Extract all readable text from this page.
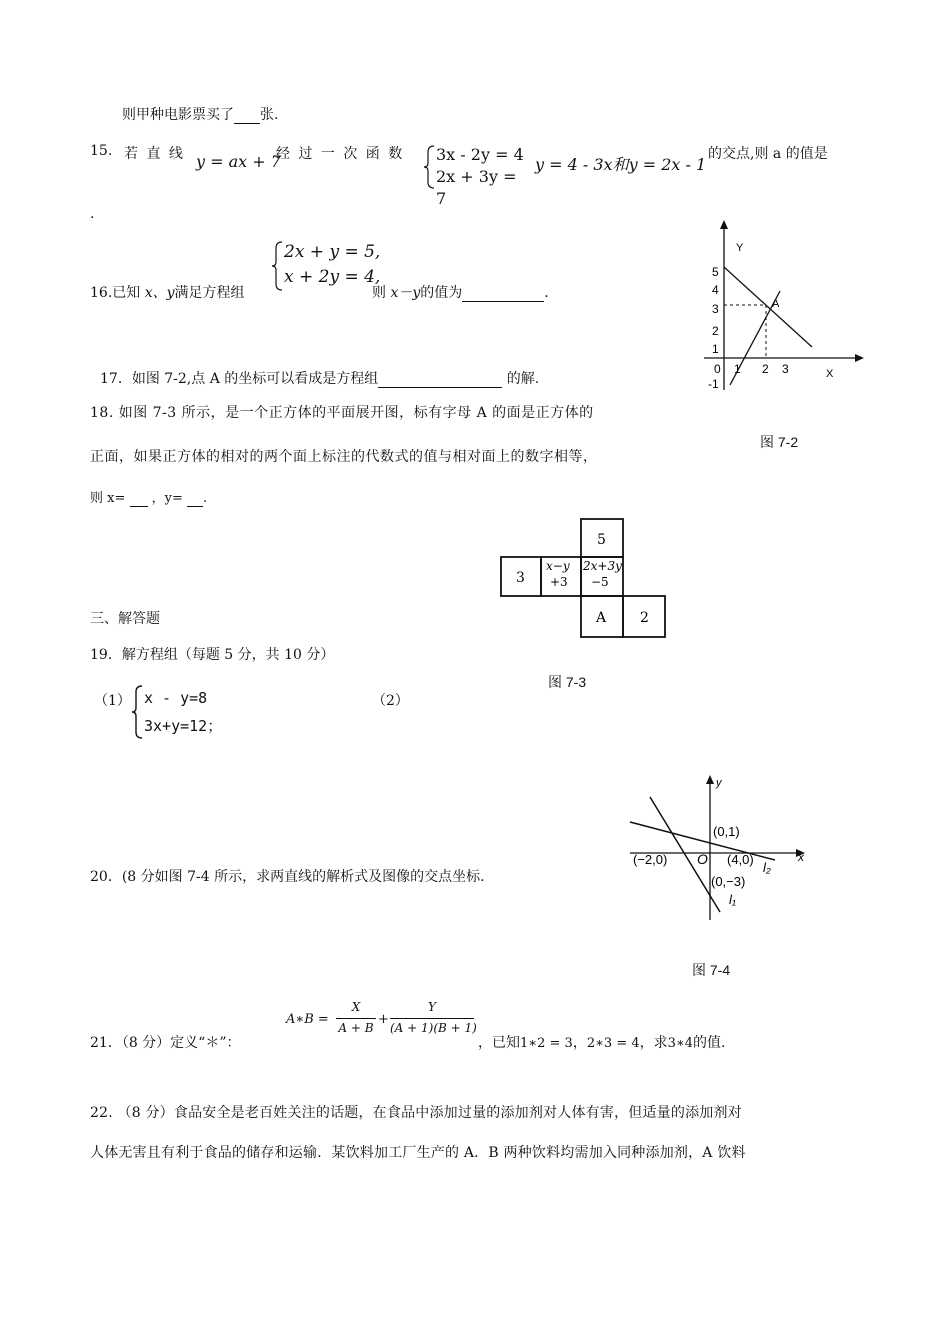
则甲种电影票买了 张.
15. 若 直 线 y = ax + 7
经 过 一 次 函 数 3x - 2y = 4
2x + 3y = 7
y = 4 - 3x和y = 2x - 1
的交点,则 a 的值是
.
2x + y = 5,
x + 2y = 4,
16.已知 x、y满足方程组	则 x－y的值为	.
Y
X
5
4
3
2
1
0
-1
1 2 3
A
图 7-2
17．如图 7-2,点 A 的坐标可以看成是方程组	的解.
18. 如图 7-3 所示，是一个正方体的平面展开图，标有字母 A 的面是正方体的
正面，如果正方体的相对的两个面上标注的代数式的值与相对面上的数字相等，
则 x= ，y= .
5
3
x−y
+3
2x+3y
−5
A 2
图 7-3
三、解答题
19．解方程组（每题 5 分，共 10 分）
（1） x - y=8
3x+y=12；
（2）
y
x
O
(0,1)
(−2,0)	(4,0)
(0,−3)
l₁
l₂
图 7-4
20．(8 分如图 7-4 所示，求两直线的解析式及图像的交点坐标.
21．（8 分）定义“＊”：
A∗B =
X
A + B
+
Y
(A + 1)(B + 1)
，已知1∗2 = 3，2∗3 = 4，求3∗4的值.
22. （8 分）食品安全是老百姓关注的话题，在食品中添加过量的添加剂对人体有害，但适量的添加剂对
人体无害且有利于食品的储存和运输．某饮料加工厂生产的 A．B 两种饮料均需加入同种添加剂，A 饮料
